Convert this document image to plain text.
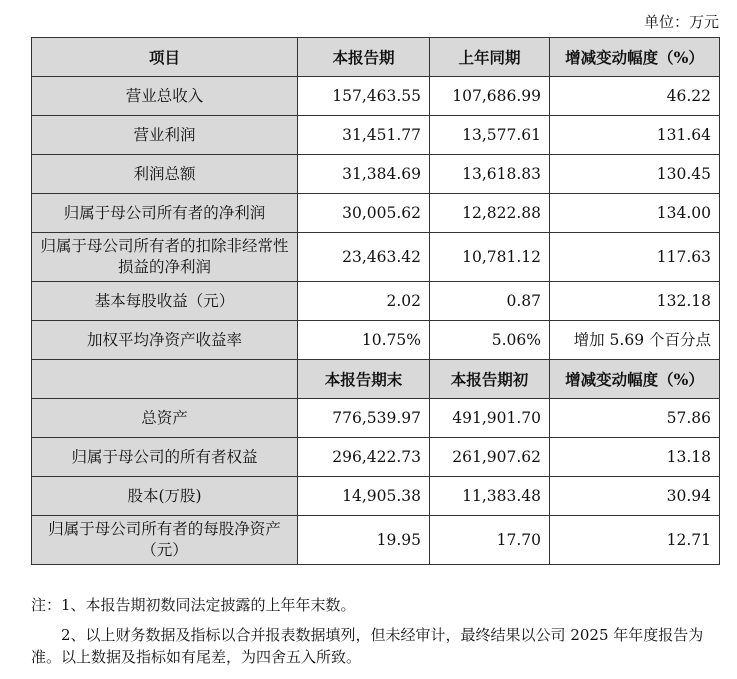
单位：万元
项目	本报告期	上年同期	增减变动幅度（%）
营业总收入	157,463.55	107,686.99	46.22
营业利润	31,451.77	13,577.61	131.64
利润总额	31,384.69	13,618.83	130.45
归属于母公司所有者的净利润	30,005.62	12,822.88	134.00
归属于母公司所有者的扣除非经常性损益的净利润	23,463.42	10,781.12	117.63
基本每股收益（元）	2.02	0.87	132.18
加权平均净资产收益率	10.75%	5.06%	增加 5.69 个百分点
	本报告期末	本报告期初	增减变动幅度（%）
总资产	776,539.97	491,901.70	57.86
归属于母公司的所有者权益	296,422.73	261,907.62	13.18
股本(万股)	14,905.38	11,383.48	30.94
归属于母公司所有者的每股净资产（元）	19.95	17.70	12.71

注：1、本报告期初数同法定披露的上年年末数。

2、以上财务数据及指标以合并报表数据填列，但未经审计，最终结果以公司 2025 年年度报告为准。以上数据及指标如有尾差，为四舍五入所致。
